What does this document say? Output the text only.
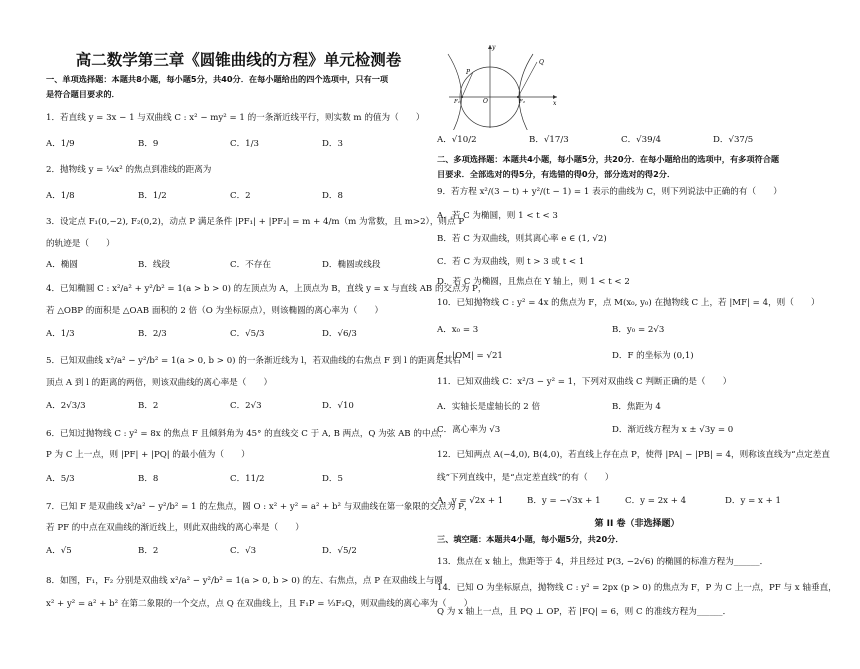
高二数学第三章《圆锥曲线的方程》单元检测卷
一、单项选择题：本题共8小题，每小题5分，共40分．在每小题给出的四个选项中，只有一项
是符合题目要求的．
1．若直线 y = 3x − 1 与双曲线 C : x² − my² = 1 的一条渐近线平行，则实数 m 的值为（　　）
A．1/9	B．9	C．1/3	D．3
2．抛物线 y = ¼x² 的焦点到准线的距离为
A．1/8	B．1/2	C．2	D．8
3．设定点 F₁(0,−2), F₂(0,2)，动点 P 满足条件 |PF₁| + |PF₂| = m + 4/m（m 为常数，且 m>2），则点 P
的轨迹是（　　）
A．椭圆	B．线段	C．不存在	D．椭圆或线段
4．已知椭圆 C : x²/a² + y²/b² = 1(a > b > 0) 的左顶点为 A，上顶点为 B，直线 y = x 与直线 AB 的交点为 P，
若 △OBP 的面积是 △OAB 面积的 2 倍（O 为坐标原点），则该椭圆的离心率为（　　）
A．1/3	B．2/3	C．√5/3	D．√6/3
5．已知双曲线 x²/a² − y²/b² = 1(a > 0, b > 0) 的一条渐近线为 l，若双曲线的右焦点 F 到 l 的距离是其右
顶点 A 到 l 的距离的两倍，则该双曲线的离心率是（　　）
A．2√3/3	B．2	C．2√3	D．√10
6．已知过抛物线 C : y² = 8x 的焦点 F 且倾斜角为 45° 的直线交 C 于 A, B 两点，Q 为弦 AB 的中点，
P 为 C 上一点，则 |PF| + |PQ| 的最小值为（　　）
A．5/3	B．8	C．11/2	D．5
7．已知 F 是双曲线 x²/a² − y²/b² = 1 的左焦点，圆 O : x² + y² = a² + b² 与双曲线在第一象限的交点为 P，
若 PF 的中点在双曲线的渐近线上，则此双曲线的离心率是（　　）
A．√5	B．2	C．√3	D．√5/2
8．如图，F₁，F₂ 分别是双曲线 x²/a² − y²/b² = 1(a > 0, b > 0) 的左、右焦点，点 P 在双曲线上与圆
x² + y² = a² + b² 在第二象限的一个交点，点 Q 在双曲线上，且 F₁P = ⅓F₂Q，则双曲线的离心率为（　　）
y
x
O
P
Q
F₁	F₂
A．√10/2	B．√17/3	C．√39/4	D．√37/5
二、多项选择题：本题共4小题，每小题5分，共20分．在每小题给出的选项中，有多项符合题
目要求．全部选对的得5分，有选错的得0分，部分选对的得2分．
9．若方程 x²/(3 − t) + y²/(t − 1) = 1 表示的曲线为 C，则下列说法中正确的有（　　）
A．若 C 为椭圆，则 1 < t < 3
B．若 C 为双曲线，则其离心率 e ∈ (1, √2)
C．若 C 为双曲线，则 t > 3 或 t < 1
D．若 C 为椭圆，且焦点在 Y 轴上，则 1 < t < 2
10．已知抛物线 C : y² = 4x 的焦点为 F，点 M(x₀, y₀) 在抛物线 C 上，若 |MF| = 4，则（　　）
A．x₀ = 3	B．y₀ = 2√3
C．|OM| = √21	D．F 的坐标为 (0,1)
11．已知双曲线 C：x²/3 − y² = 1，下列对双曲线 C 判断正确的是（　　）
A．实轴长是虚轴长的 2 倍	B．焦距为 4
C．离心率为 √3	D．渐近线方程为 x ± √3y = 0
12．已知两点 A(−4,0), B(4,0)，若直线上存在点 P，使得 |PA| − |PB| = 4，则称该直线为“点定差直
线”下列直线中，是“点定差直线”的有（　　）
A．y = √2x + 1	B．y = −√3x + 1	C．y = 2x + 4	D．y = x + 1
第 II 卷（非选择题）
三、填空题：本题共4小题，每小题5分，共20分．
13．焦点在 x 轴上，焦距等于 4，并且经过 P(3, −2√6) 的椭圆的标准方程为______．
14．已知 O 为坐标原点，抛物线 C : y² = 2px (p > 0) 的焦点为 F，P 为 C 上一点，PF 与 x 轴垂直，
Q 为 x 轴上一点，且 PQ ⊥ OP，若 |FQ| = 6，则 C 的准线方程为______．
